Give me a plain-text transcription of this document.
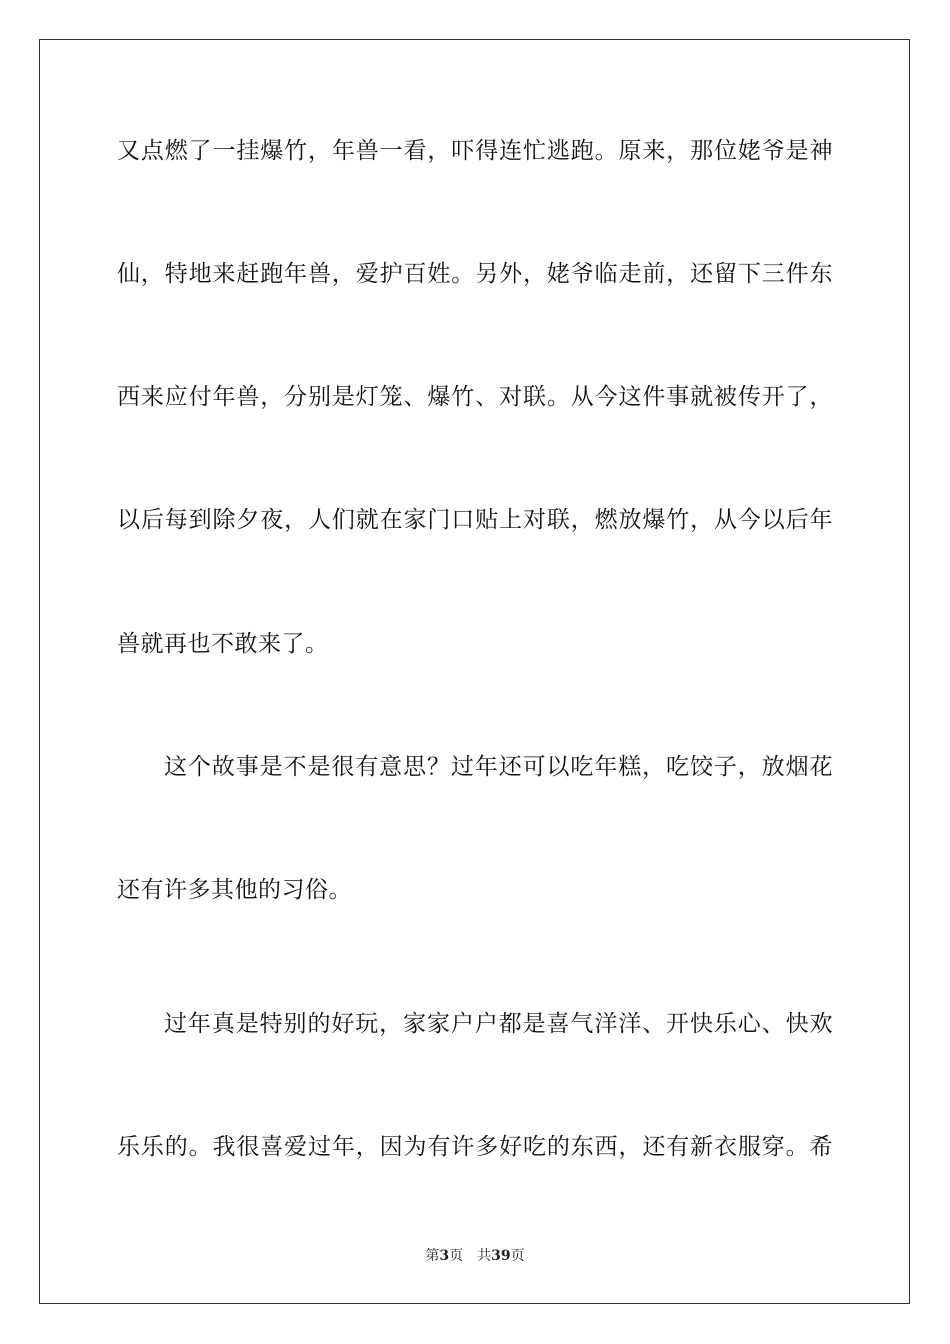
又点燃了一挂爆竹，年兽一看，吓得连忙逃跑。原来，那位姥爷是神
仙，特地来赶跑年兽，爱护百姓。另外，姥爷临走前，还留下三件东
西来应付年兽，分别是灯笼、爆竹、对联。从今这件事就被传开了，
以后每到除夕夜，人们就在家门口贴上对联，燃放爆竹，从今以后年
兽就再也不敢来了。
这个故事是不是很有意思？过年还可以吃年糕，吃饺子，放烟花
还有许多其他的习俗。
过年真是特别的好玩，家家户户都是喜气洋洋、开快乐心、快欢
乐乐的。我很喜爱过年，因为有许多好吃的东西，还有新衣服穿。希
第3页 共39页
